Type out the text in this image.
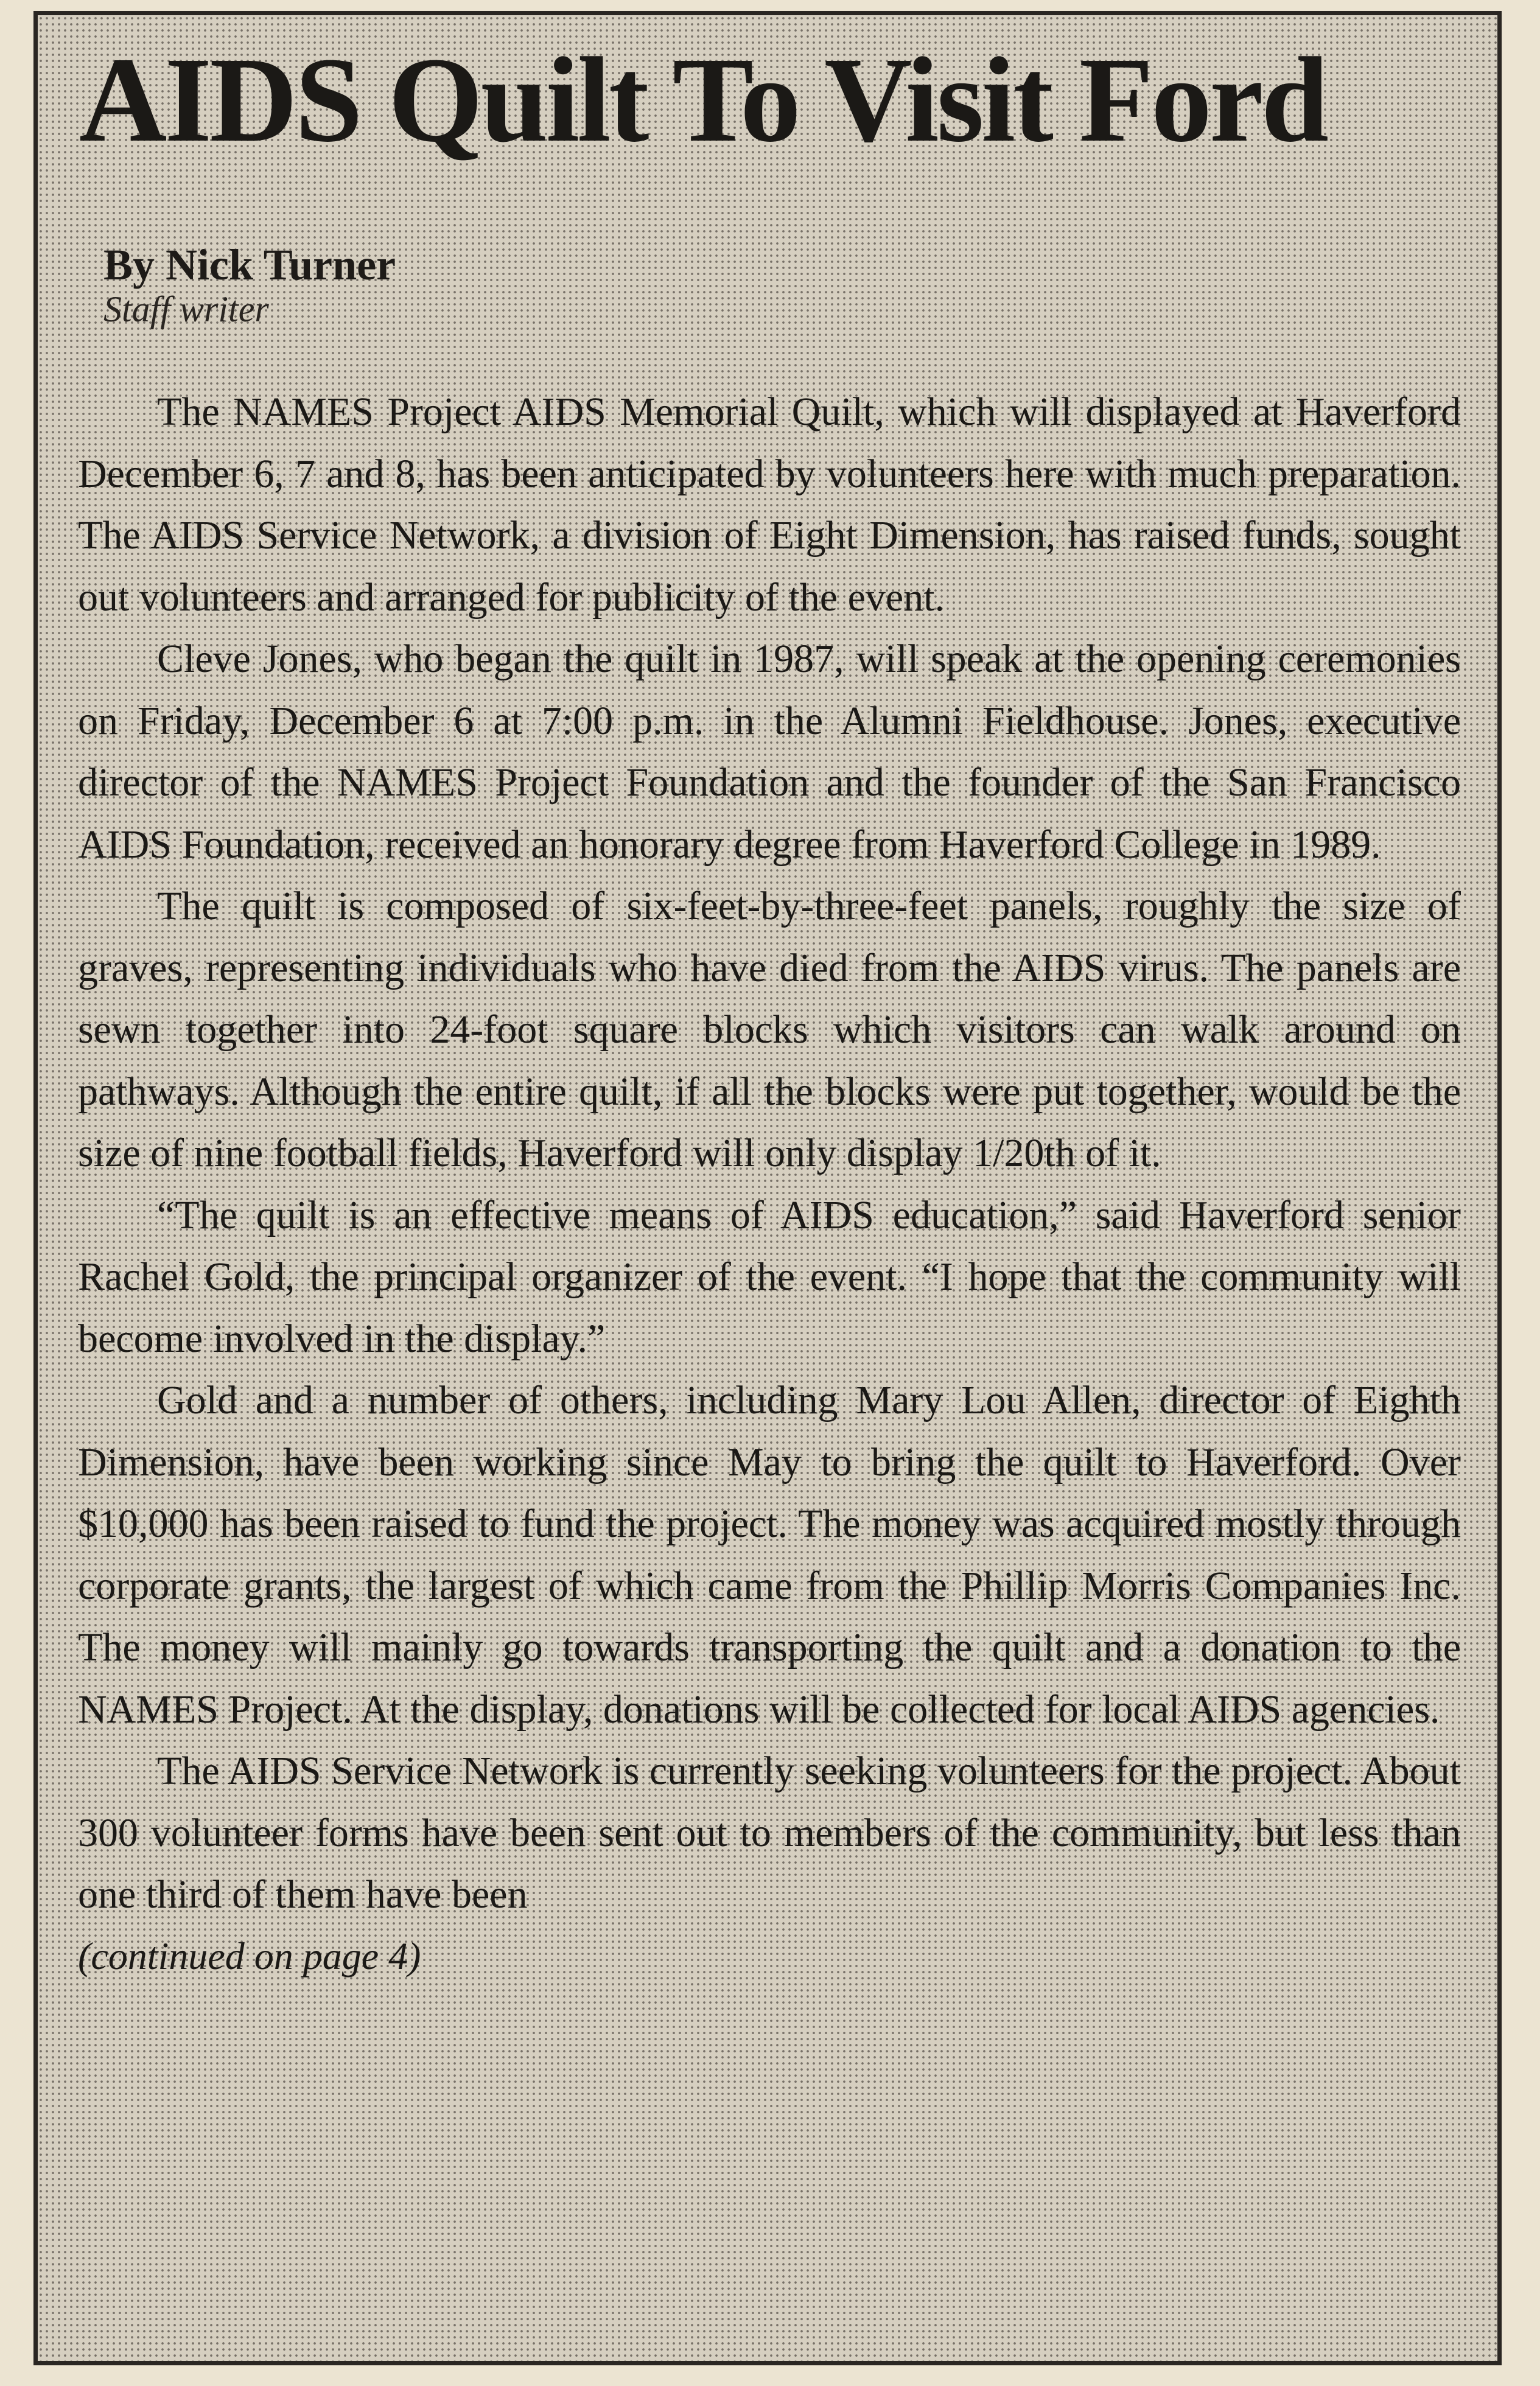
AIDS Quilt To Visit Ford
By Nick Turner
Staff writer

The NAMES Project AIDS Memorial Quilt, which will displayed at Haverford December 6, 7 and 8, has been anticipated by volunteers here with much preparation. The AIDS Service Network, a division of Eight Dimension, has raised funds, sought out volunteers and arranged for publicity of the event.

Cleve Jones, who began the quilt in 1987, will speak at the opening ceremonies on Friday, December 6 at 7:00 p.m. in the Alumni Fieldhouse. Jones, executive director of the NAMES Project Foundation and the founder of the San Francisco AIDS Foundation, received an honorary degree from Haverford College in 1989.

The quilt is composed of six-feet-by-three-feet panels, roughly the size of graves, representing individuals who have died from the AIDS virus. The panels are sewn together into 24-foot square blocks which visitors can walk around on pathways. Although the entire quilt, if all the blocks were put together, would be the size of nine football fields, Haverford will only display 1/20th of it.

“The quilt is an effective means of AIDS education,” said Haverford senior Rachel Gold, the principal organizer of the event. “I hope that the community will become involved in the display.”

Gold and a number of others, including Mary Lou Allen, director of Eighth Dimension, have been working since May to bring the quilt to Haverford. Over $10,000 has been raised to fund the project. The money was acquired mostly through corporate grants, the largest of which came from the Phillip Morris Companies Inc. The money will mainly go towards transporting the quilt and a donation to the NAMES Project. At the display, donations will be collected for local AIDS agencies.

The AIDS Service Network is currently seeking volunteers for the project. About 300 volunteer forms have been sent out to members of the community, but less than one third of them have been

(continued on page 4)
